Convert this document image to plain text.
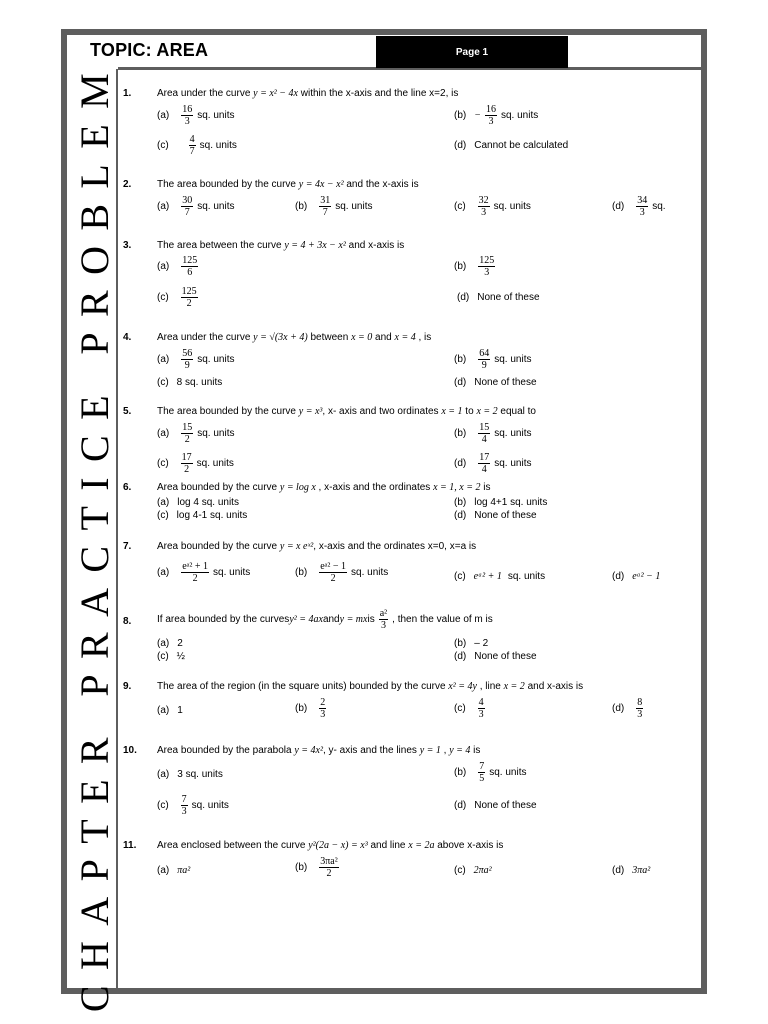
TOPIC: AREA	Page 1
CHAPTER PRACTICE PROBLEM 1.	Area under the curve y = x² − 4x within the x-axis and the line x=2, is
$(a) \frac{16}{3}$ sq. units	$(b) - \frac{16}{3}$ sq. units
$(c) \frac{4}{7}$ sq. units	(d) Cannot be calculated
2.	The area bounded by the curve y = 4x − x² and the x-axis is
$(a) \frac{30}{7}$ sq. units	$(b) \frac{31}{7}$ sq. units	$(c) \frac{32}{3}$ sq. units	$(d) \frac{34}{3}$ sq.
3.	The area between the curve y = 4 + 3x − x² and x-axis is
$(a) \frac{125}{6}$	$(b) \frac{125}{3}$
$(c) \frac{125}{2}$	(d) None of these
4.	Area under the curve y = √(3x + 4) between x = 0 and x = 4 , is
$(a) \frac{56}{9}$ sq. units	$(b) \frac{64}{9}$ sq. units
(c) 8 sq. units	(d) None of these
5.	The area bounded by the curve y = x³, x- axis and two ordinates x = 1 to x = 2 equal to
$(a) \frac{15}{2}$ sq. units	$(b) \frac{15}{4}$ sq. units
$(c) \frac{17}{2}$ sq. units	$(d) \frac{17}{4}$ sq. units
6.	Area bounded by the curve y = log x , x-axis and the ordinates x = 1, x = 2 is
(a) log 4 sq. units	(b) log 4+1 sq. units
(c) log 4-1 sq. units	(d) None of these
7.	Area bounded by the curve y = x eˣ², x-axis and the ordinates x=0, x=a is
$(a) \frac{\text{eᵃ² + 1}}{2}$ sq. units	$(b) \frac{\text{eᵃ² − 1}}{2}$ sq. units	(c) eᵃ² + 1 sq. units	(d) eᵃ² − 1
8.	If area bounded by the curves y² = 4ax and y = mx is $\frac{\text{a²}}{3}$ , then the value of m is
(a) 2	(b) – 2
(c) ½	(d) None of these
9.	The area of the region (in the square units) bounded by the curve x² = 4y , line x = 2 and x-axis is
(a) 1	$(b) \frac{2}{3}$	$(c) \frac{4}{3}$	$(d) \frac{8}{3}$
10. Area bounded by the parabola y = 4x², y- axis and the lines y = 1 , y = 4 is
(a) 3 sq. units	$(b) \frac{7}{5}$ sq. units
$(c) \frac{7}{3}$ sq. units	(d) None of these
11. Area enclosed between the curve y²(2a − x) = x³ and line x = 2a above x-axis is
(a) πa²	$(b) \frac{\text{3πa²}}{2}$	(c) 2πa²	(d) 3πa²
